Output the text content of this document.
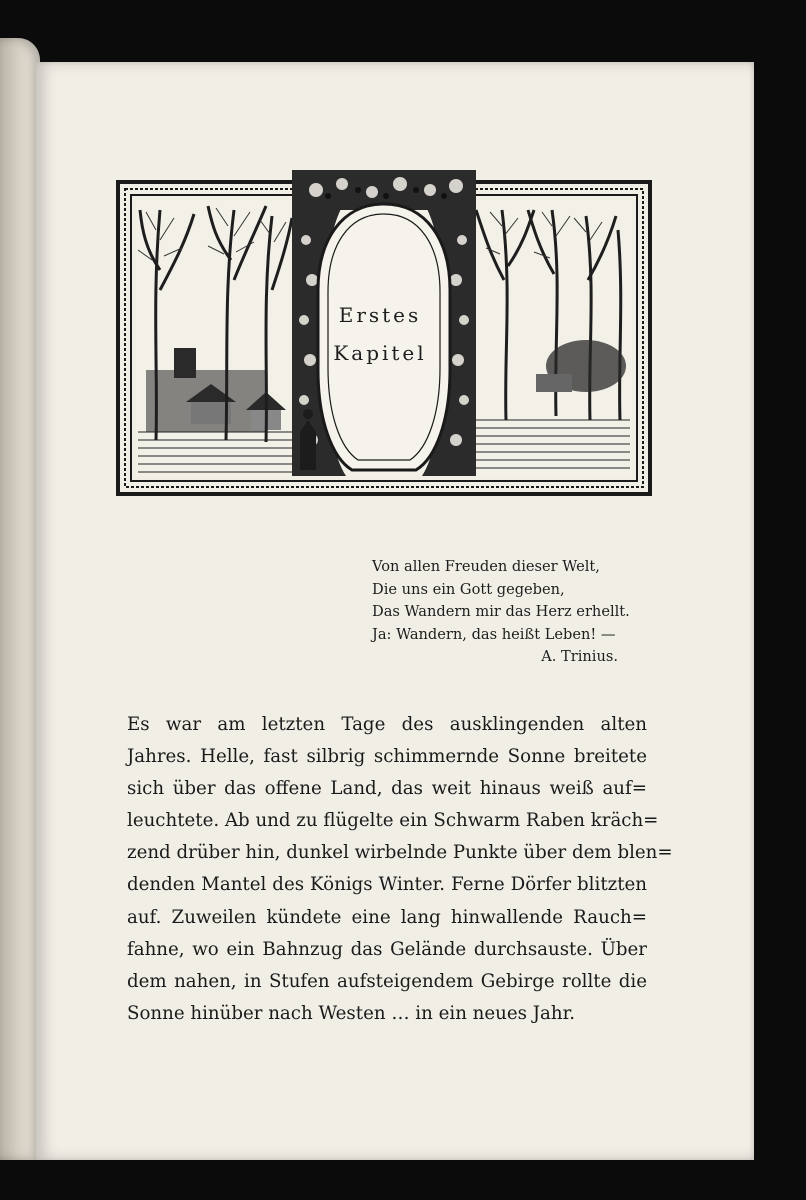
Erstes
Kapitel
Von allen Freuden dieser Welt,
Die uns ein Gott gegeben,
Das Wandern mir das Herz erhellt.
Ja: Wandern, das heißt Leben! —
A. Trinius.
Es war am letzten Tage des ausklingenden alten
Jahres. Helle, fast silbrig schimmernde Sonne breitete
sich über das offene Land, das weit hinaus weiß auf=
leuchtete. Ab und zu flügelte ein Schwarm Raben kräch=
zend drüber hin, dunkel wirbelnde Punkte über dem blen=
denden Mantel des Königs Winter. Ferne Dörfer blitzten
auf. Zuweilen kündete eine lang hinwallende Rauch=
fahne, wo ein Bahnzug das Gelände durchsauste. Über
dem nahen, in Stufen aufsteigendem Gebirge rollte die
Sonne hinüber nach Westen … in ein neues Jahr.
